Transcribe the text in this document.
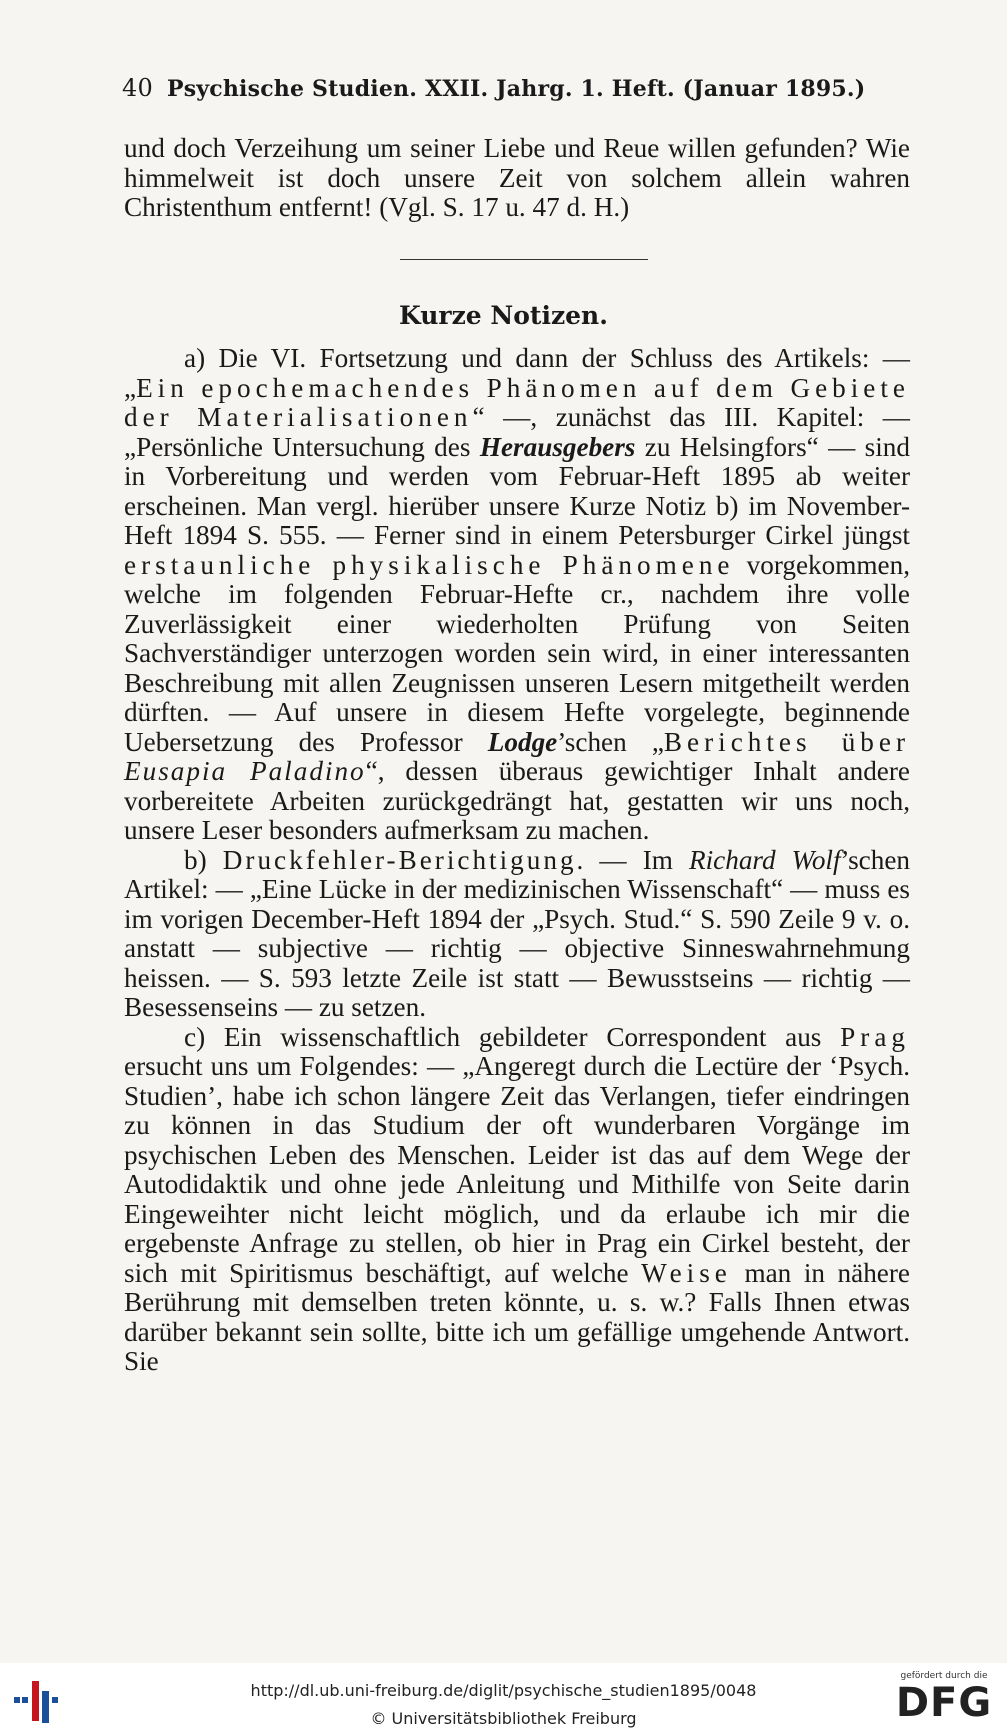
40 Psychische Studien. XXII. Jahrg. 1. Heft. (Januar 1895.)

und doch Verzeihung um seiner Liebe und Reue willen gefunden? Wie himmelweit ist doch unsere Zeit von solchem allein wahren Christenthum entfernt! (Vgl. S. 17 u. 47 d. H.)

Kurze Notizen.

a) Die VI. Fortsetzung und dann der Schluss des Artikels: — „Ein epochemachendes Phänomen auf dem Gebiete der Materialisationen“ —, zunächst das III. Kapitel: — „Persönliche Untersuchung des Herausgebers zu Helsingfors“ — sind in Vorbereitung und werden vom Februar-Heft 1895 ab weiter erscheinen. Man vergl. hierüber unsere Kurze Notiz b) im November-Heft 1894 S. 555. — Ferner sind in einem Petersburger Cirkel jüngst erstaunliche physikalische Phänomene vorgekommen, welche im folgenden Februar-Hefte cr., nachdem ihre volle Zuverlässigkeit einer wiederholten Prüfung von Seiten Sachverständiger unterzogen worden sein wird, in einer interessanten Beschreibung mit allen Zeugnissen unseren Lesern mitgetheilt werden dürften. — Auf unsere in diesem Hefte vorgelegte, beginnende Uebersetzung des Professor Lodge’schen „Berichtes über Eusapia Paladino“, dessen überaus gewichtiger Inhalt andere vorbereitete Arbeiten zurückgedrängt hat, gestatten wir uns noch, unsere Leser besonders aufmerksam zu machen.

b) Druckfehler-Berichtigung. — Im Richard Wolf’schen Artikel: — „Eine Lücke in der medizinischen Wissenschaft“ — muss es im vorigen December-Heft 1894 der „Psych. Stud.“ S. 590 Zeile 9 v. o. anstatt — subjective — richtig — objective Sinneswahrnehmung heissen. — S. 593 letzte Zeile ist statt — Bewusstseins — richtig — Besessenseins — zu setzen.

c) Ein wissenschaftlich gebildeter Correspondent aus Prag ersucht uns um Folgendes: — „Angeregt durch die Lectüre der ‘Psych. Studien’, habe ich schon längere Zeit das Verlangen, tiefer eindringen zu können in das Studium der oft wunderbaren Vorgänge im psychischen Leben des Menschen. Leider ist das auf dem Wege der Autodidaktik und ohne jede Anleitung und Mithilfe von Seite darin Eingeweihter nicht leicht möglich, und da erlaube ich mir die ergebenste Anfrage zu stellen, ob hier in Prag ein Cirkel besteht, der sich mit Spiritismus beschäftigt, auf welche Weise man in nähere Berührung mit demselben treten könnte, u. s. w.? Falls Ihnen etwas darüber bekannt sein sollte, bitte ich um gefällige umgehende Antwort. Sie

http://dl.ub.uni-freiburg.de/diglit/psychische_studien1895/0048
© Universitätsbibliothek Freiburg
gefördert durch die
DFG
